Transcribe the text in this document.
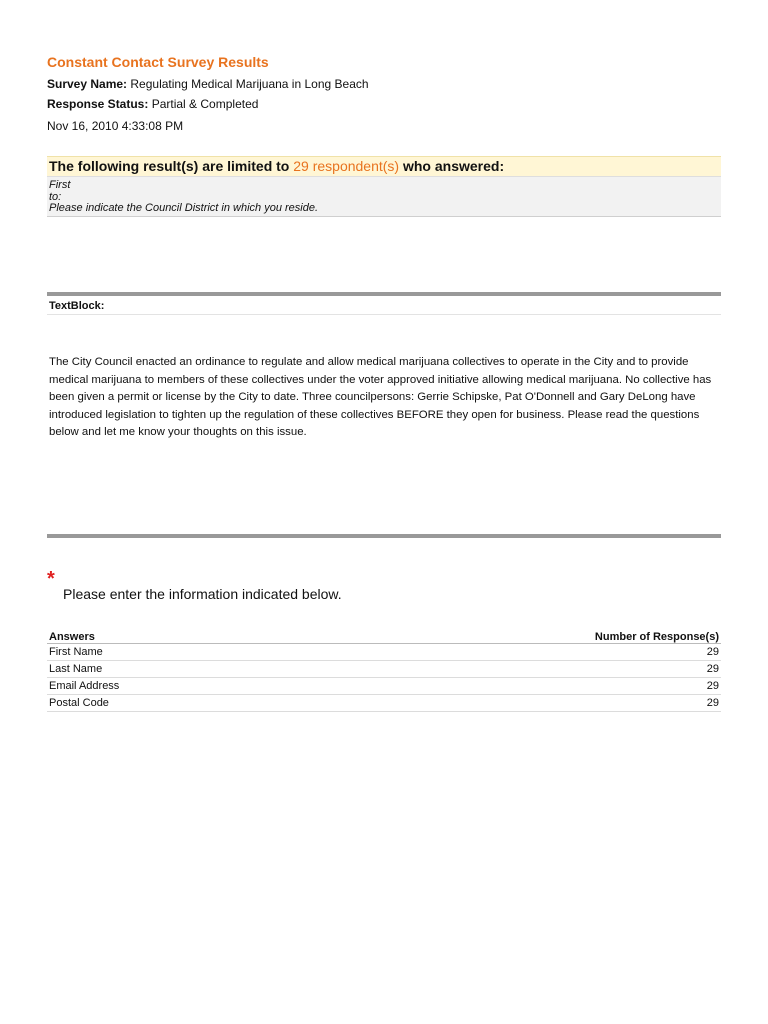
Constant Contact Survey Results
Survey Name: Regulating Medical Marijuana in Long Beach
Response Status: Partial & Completed
Nov 16, 2010 4:33:08 PM
The following result(s) are limited to 29 respondent(s) who answered:
First
to:
Please indicate the Council District in which you reside.
TextBlock:
The City Council enacted an ordinance to regulate and allow medical marijuana collectives to operate in the City and to provide medical marijuana to members of these collectives under the voter approved initiative allowing medical marijuana. No collective has been given a permit or license by the City to date. Three councilpersons: Gerrie Schipske, Pat O'Donnell and Gary DeLong have introduced legislation to tighten up the regulation of these collectives BEFORE they open for business. Please read the questions below and let me know your thoughts on this issue.
*
Please enter the information indicated below.
Answers	Number of Response(s)
First Name	29
Last Name	29
Email Address	29
Postal Code	29
